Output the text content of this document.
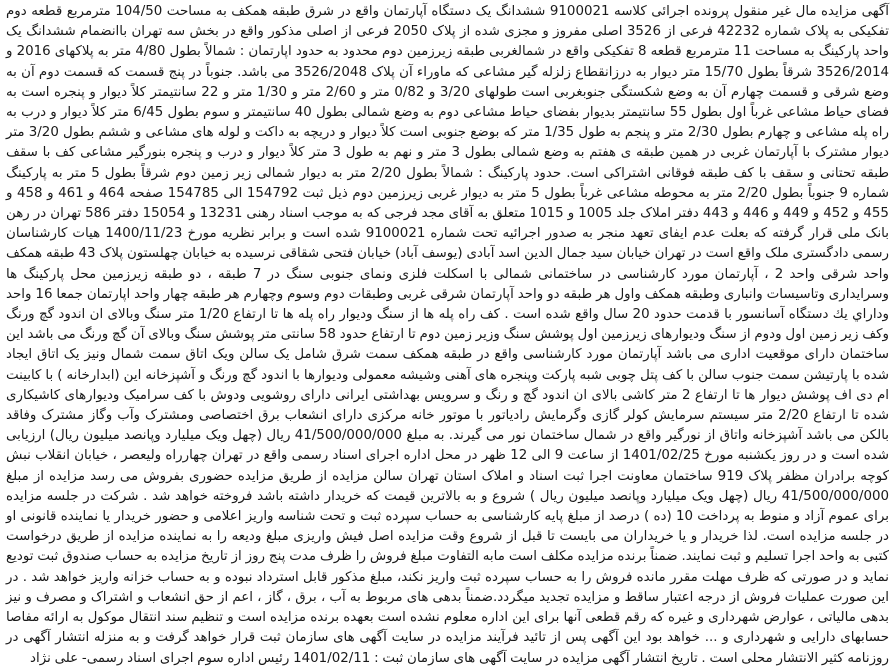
آگهی مزایده مال غیر منقول پرونده اجرائی کلاسه 9100021 ششدانگ یک دستگاه آپارتمان واقع در شرق طبقه همکف به مساحت 104/50 مترمربع قطعه دوم تفکیکی به پلاک شماره 42232 فرعی از 3526 اصلی مفروز و مجزی شده از پلاک 2050 فرعی از اصلی مذکور واقع در بخش سه تهران باانضمام ششدانگ یک واحد پارکینگ به مساحت 11 مترمربع قطعه 8 تفکیکی واقع در شمالغربی طبقه زیرزمین دوم محدود به حدود اپارتمان : شمالاً بطول 4/80 متر به پلاکهای 2016 و 3526/2014 شرقاً بطول 15/70 متر دیوار به درزانقطاع زلزله گیر مشاعی که ماوراء آن پلاک 3526/2048 می باشد. جنوباً در پنج قسمت که قسمت دوم آن به وضع شرقی و قسمت چهارم آن به وضع شکستگی جنوبغربی است طولهای 3/20 و 0/82 متر و 2/60 متر و 1/30 متر و 22 سانتیمتر کلاً دیوار و پنجره است به فضای حیاط مشاعی غرباً اول بطول 55 سانتیمتر بدیوار بفضای حیاط مشاعی دوم به وضع شمالی بطول 40 سانتیمتر و سوم بطول 6/45 متر کلاً دیوار و درب به راه پله مشاعی و چهارم بطول 2/30 متر و پنجم به طول 1/35 متر که بوضع جنوبی است کلاً دیوار و دریچه به داکت و لوله های مشاعی و ششم بطول 3/20 متر دیوار مشترک با آپارتمان غربی در همین طبقه ی هفتم به وضع شمالی بطول 3 متر و نهم به طول 3 متر کلاً دیوار و درب و پنجره بنورگیر مشاعی کف با سقف طبقه تحتانی و سقف با کف طبقه فوقانی اشتراکی است. حدود پارکینگ : شمالاً بطول 2/20 متر به دیوار شمالی زیر زمین دوم شرقاً بطول 5 متر به پارکینگ شماره 9 جنوباً بطول 2/20 متر به محوطه مشاعی غرباً بطول 5 متر به دیوار غربی زیرزمین دوم ذیل ثبت 154792 الی 154785 صفحه 464 و 461 و 458 و 455 و 452 و 449 و 446 و 443 دفتر املاک جلد 1005 و 1015 متعلق به آقای مجد فرجی که به موجب اسناد رهنی 13231 و 15054 دفتر 586 تهران در رهن بانک ملی قرار گرفته که بعلت عدم ایفای تعهد منجر به صدور اجرائیه تحت شماره 9100021 شده است و برابر نظریه مورخ 1400/11/23 هیات کارشناسان رسمی دادگستری ملک واقع است در تهران خیابان سید جمال الدین اسد آبادی (یوسف آباد) خیابان فتحی شقاقی نرسیده به خیابان چهلستون پلاک 43 طبقه همکف واحد شرقی واحد 2 ، آپارتمان مورد کارشناسی در ساختمانی شمالی با اسکلت فلزی ونمای جنوبی سنگ در 7 طبقه ، دو طبقه زیرزمین محل پارکینگ ها وسرایداری وتاسیسات وانباری وطبقه همکف واول هر طبقه دو واحد آپارتمان شرقی غربی وطبقات دوم وسوم وچهارم هر طبقه چهار واحد اپارتمان جمعا 16 واحد وداراي يك دستگاه آسانسور با قدمت حدود 20 سال واقع شده است . کف راه پله ها از سنگ ودیوار راه پله ها تا ارتفاع 1/20 متر سنگ وبالای ان اندود گچ ورنگ وکف زیر زمین اول ودوم از سنگ ودیوارهای زیرزمین اول پوشش سنگ وزیر زمین دوم تا ارتفاع حدود 58 سانتی متر پوشش سنگ وبالای آن گچ ورنگ می باشد این ساختمان دارای موقعیت اداری می باشد آپارتمان مورد کارشناسی واقع در طبقه همکف سمت شرق شامل یک سالن ویک اتاق سمت شمال ونیز یک اتاق ایجاد شده با پارتیشن سمت جنوب سالن با کف پتل چوبی شبه پارکت وپنجره های آهنی وشیشه معمولی ودیوارها با اندود گچ ورنگ و آشپزخانه این (ابدارخانه ) با کابینت ام دی اف پوشش دیوار ها تا ارتفاع 2 متر کاشی بالای ان اندود گچ و رنگ و سرویس بهداشتی ایرانی دارای روشویی ودوش با کف سرامیک ودیوارهای کاشیکاری شده تا ارتفاع 2/20 متر سیستم سرمایش کولر گازی وگرمایش رادیاتور با موتور خانه مرکزی دارای انشعاب برق اختصاصی ومشترک وآب وگاز مشترک وفاقد بالکن می باشد آشپزخانه واتاق از نورگیر واقع در شمال ساختمان نور می گیرند. به مبلغ 41/500/000/000 ریال (چهل ویک میلیارد وپانصد میلیون ریال) ارزیابی شده است و در روز یکشنبه مورخ 1401/02/25 از ساعت 9 الی 12 ظهر در محل اداره اجرای اسناد رسمی واقع در تهران چهارراه ولیعصر ، خیابان انقلاب نبش کوچه برادران مظفر پلاک 919 ساختمان معاونت اجرا ثبت اسناد و املاک استان تهران سالن مزایده از طریق مزایده حضوری بفروش می رسد مزایده از مبلغ 41/500/000/000 ریال (چهل ویک میلیارد وپانصد میلیون ریال ) شروع و به بالاترین قیمت که خریدار داشته باشد فروخته خواهد شد . شرکت در جلسه مزایده برای عموم آزاد و منوط به پرداخت 10 (ده ) درصد از مبلغ پایه کارشناسی به حساب سپرده ثبت و تحت شناسه واریز اعلامی و حضور خریدار یا نماینده قانونی او در جلسه مزایده است. لذا خریدار و یا خریداران می بایست تا قبل از شروع وقت مزایده اصل فیش واریزی مبلغ ودیعه را به نماینده مزایده از طریق درخواست کتبی به واحد اجرا تسلیم و ثبت نمایند. ضمناً برنده مزایده مکلف است مابه التفاوت مبلغ فروش را ظرف مدت پنج روز از تاریخ مزایده به حساب صندوق ثبت تودیع نماید و در صورتی که ظرف مهلت مقرر مانده فروش را به حساب سپرده ثبت واریز نکند، مبلغ مذکور قابل استرداد نبوده و به حساب خزانه واریز خواهد شد . در این صورت عملیات فروش از درجه اعتبار ساقط و مزایده تجدید میگردد.ضمناً بدهی های مربوط به آب ، برق ، گاز ، اعم از حق انشعاب و اشتراک و مصرف و نیز بدهی مالیاتی ، عوارض شهرداری و غیره که رقم قطعی آنها برای این اداره معلوم نشده است بعهده برنده مزایده است و تنظیم سند انتقال موکول به ارائه مفاصا حسابهای دارایی و شهرداری و ... خواهد بود این آگهی پس از تائید فرآیند مزایده در سایت آگهی های سازمان ثبت قرار خواهد گرفت و به منزله انتشار آگهی در روزنامه کثیر الانتشار محلی است . تاریخ انتشار آگهی مزایده در سایت آگهی های سازمان ثبت : 1401/02/11 رئیس اداره سوم اجرای اسناد رسمی- علی نژاد
